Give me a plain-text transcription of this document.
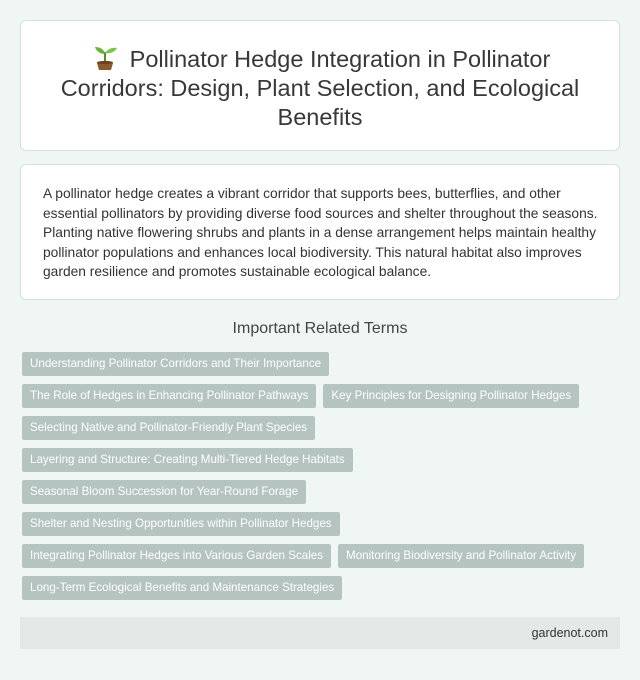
Pollinator Hedge Integration in Pollinator Corridors: Design, Plant Selection, and Ecological Benefits

A pollinator hedge creates a vibrant corridor that supports bees, butterflies, and other essential pollinators by providing diverse food sources and shelter throughout the seasons. Planting native flowering shrubs and plants in a dense arrangement helps maintain healthy pollinator populations and enhances local biodiversity. This natural habitat also improves garden resilience and promotes sustainable ecological balance.

Important Related Terms
Understanding Pollinator Corridors and Their Importance
The Role of Hedges in Enhancing Pollinator Pathways	Key Principles for Designing Pollinator Hedges
Selecting Native and Pollinator-Friendly Plant Species
Layering and Structure: Creating Multi-Tiered Hedge Habitats
Seasonal Bloom Succession for Year-Round Forage
Shelter and Nesting Opportunities within Pollinator Hedges
Integrating Pollinator Hedges into Various Garden Scales	Monitoring Biodiversity and Pollinator Activity
Long-Term Ecological Benefits and Maintenance Strategies
gardenot.com
